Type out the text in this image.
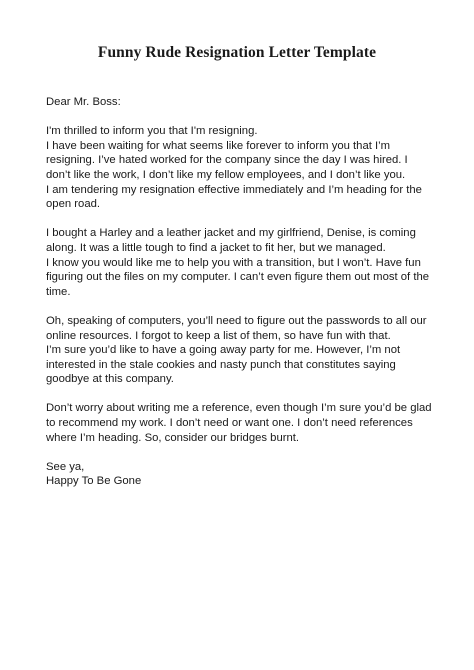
Funny Rude Resignation Letter Template

Dear Mr. Boss:

I'm thrilled to inform you that I'm resigning.
I have been waiting for what seems like forever to inform you that I’m
resigning. I’ve hated worked for the company since the day I was hired. I
don’t like the work, I don’t like my fellow employees, and I don’t like you.
I am tendering my resignation effective immediately and I’m heading for the
open road.

I bought a Harley and a leather jacket and my girlfriend, Denise, is coming
along. It was a little tough to find a jacket to fit her, but we managed.
I know you would like me to help you with a transition, but I won’t. Have fun
figuring out the files on my computer. I can’t even figure them out most of the
time.

Oh, speaking of computers, you’ll need to figure out the passwords to all our
online resources. I forgot to keep a list of them, so have fun with that.
I’m sure you’d like to have a going away party for me. However, I’m not
interested in the stale cookies and nasty punch that constitutes saying
goodbye at this company.

Don’t worry about writing me a reference, even though I’m sure you’d be glad
to recommend my work. I don’t need or want one. I don’t need references
where I’m heading. So, consider our bridges burnt.

See ya,
Happy To Be Gone
